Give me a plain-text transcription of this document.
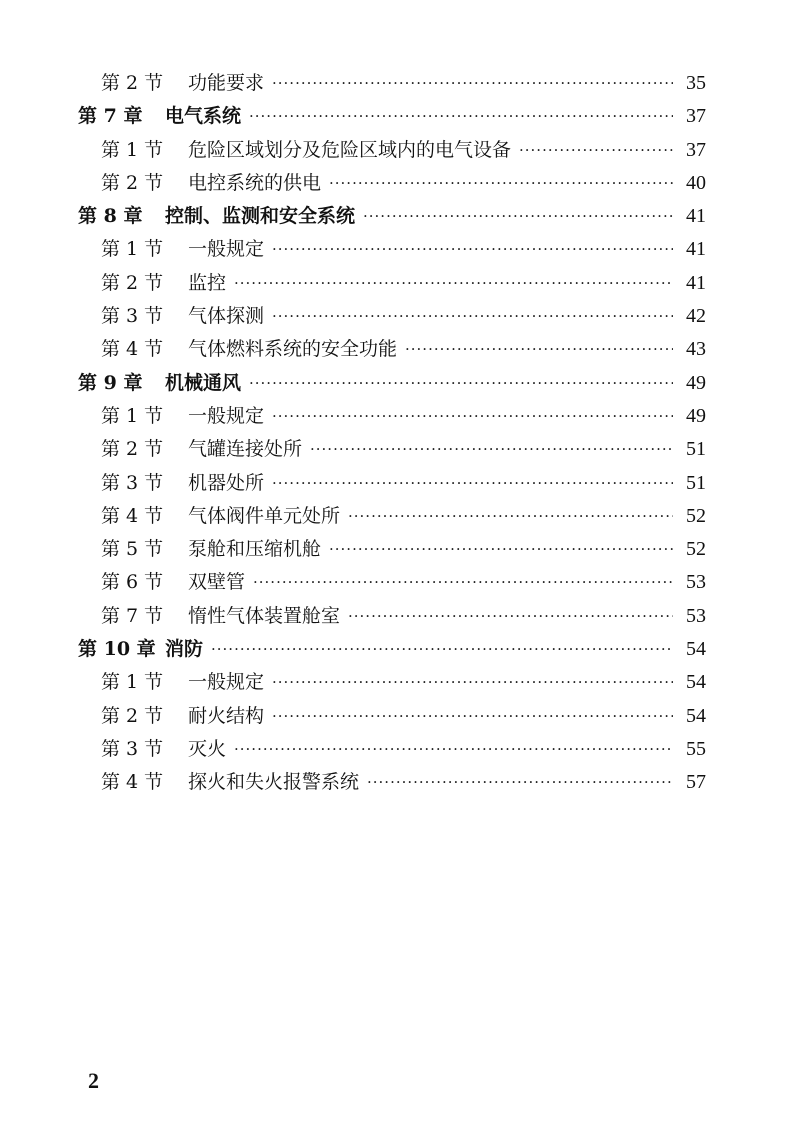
第 2 节 功能要求 ·····	35
第 7 章 电气系统 ·····	37
第 1 节 危险区域划分及危险区域内的电气设备 ·····	37
第 2 节 电控系统的供电 ·····	40
第 8 章 控制、监测和安全系统 ·····	41
第 1 节 一般规定 ·····	41
第 2 节 监控 ·····	41
第 3 节 气体探测 ·····	42
第 4 节 气体燃料系统的安全功能 ·····	43
第 9 章 机械通风 ·····	49
第 1 节 一般规定 ·····	49
第 2 节 气罐连接处所 ·····	51
第 3 节 机器处所 ·····	51
第 4 节 气体阀件单元处所 ·····	52
第 5 节 泵舱和压缩机舱 ·····	52
第 6 节 双壁管 ·····	53
第 7 节 惰性气体装置舱室 ·····	53
第 10 章 消防 ·····	54
第 1 节 一般规定 ·····	54
第 2 节 耐火结构 ·····	54
第 3 节 灭火 ·····	55
第 4 节 探火和失火报警系统 ·····	57
2
